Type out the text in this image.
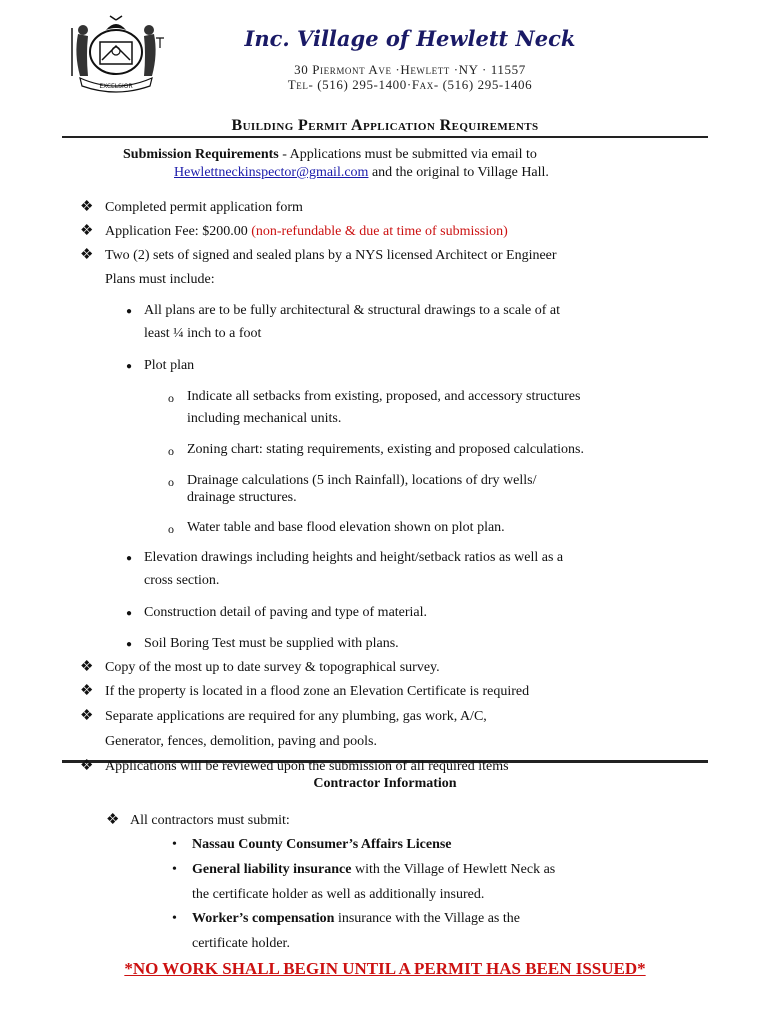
EXCELSIOR
Inc. Village of Hewlett Neck
30 Piermont Ave ·Hewlett ·NY · 11557
Tel- (516) 295-1400·Fax- (516) 295-1406
Building Permit Application Requirements
Submission Requirements - Applications must be submitted via email to
Hewlettneckinspector@gmail.com and the original to Village Hall.
❖ Completed permit application form
❖ Application Fee: $200.00 (non-refundable & due at time of submission)
❖ Two (2) sets of signed and sealed plans by a NYS licensed Architect or Engineer
Plans must include:
● All plans are to be fully architectural & structural drawings to a scale of at
least ¼ inch to a foot
● Plot plan
o Indicate all setbacks from existing, proposed, and accessory structures
including mechanical units.
o Zoning chart: stating requirements, existing and proposed calculations.
o Drainage calculations (5 inch Rainfall), locations of dry wells/
drainage structures.
o Water table and base flood elevation shown on plot plan.
● Elevation drawings including heights and height/setback ratios as well as a
cross section.
● Construction detail of paving and type of material.
● Soil Boring Test must be supplied with plans.
❖ Copy of the most up to date survey & topographical survey.
❖ If the property is located in a flood zone an Elevation Certificate is required
❖ Separate applications are required for any plumbing, gas work, A/C,
Generator, fences, demolition, paving and pools.
❖ Applications will be reviewed upon the submission of all required items
Contractor Information
❖ All contractors must submit:
• Nassau County Consumer’s Affairs License
• General liability insurance with the Village of Hewlett Neck as
the certificate holder as well as additionally insured.
• Worker’s compensation insurance with the Village as the
certificate holder.
*NO WORK SHALL BEGIN UNTIL A PERMIT HAS BEEN ISSUED*
